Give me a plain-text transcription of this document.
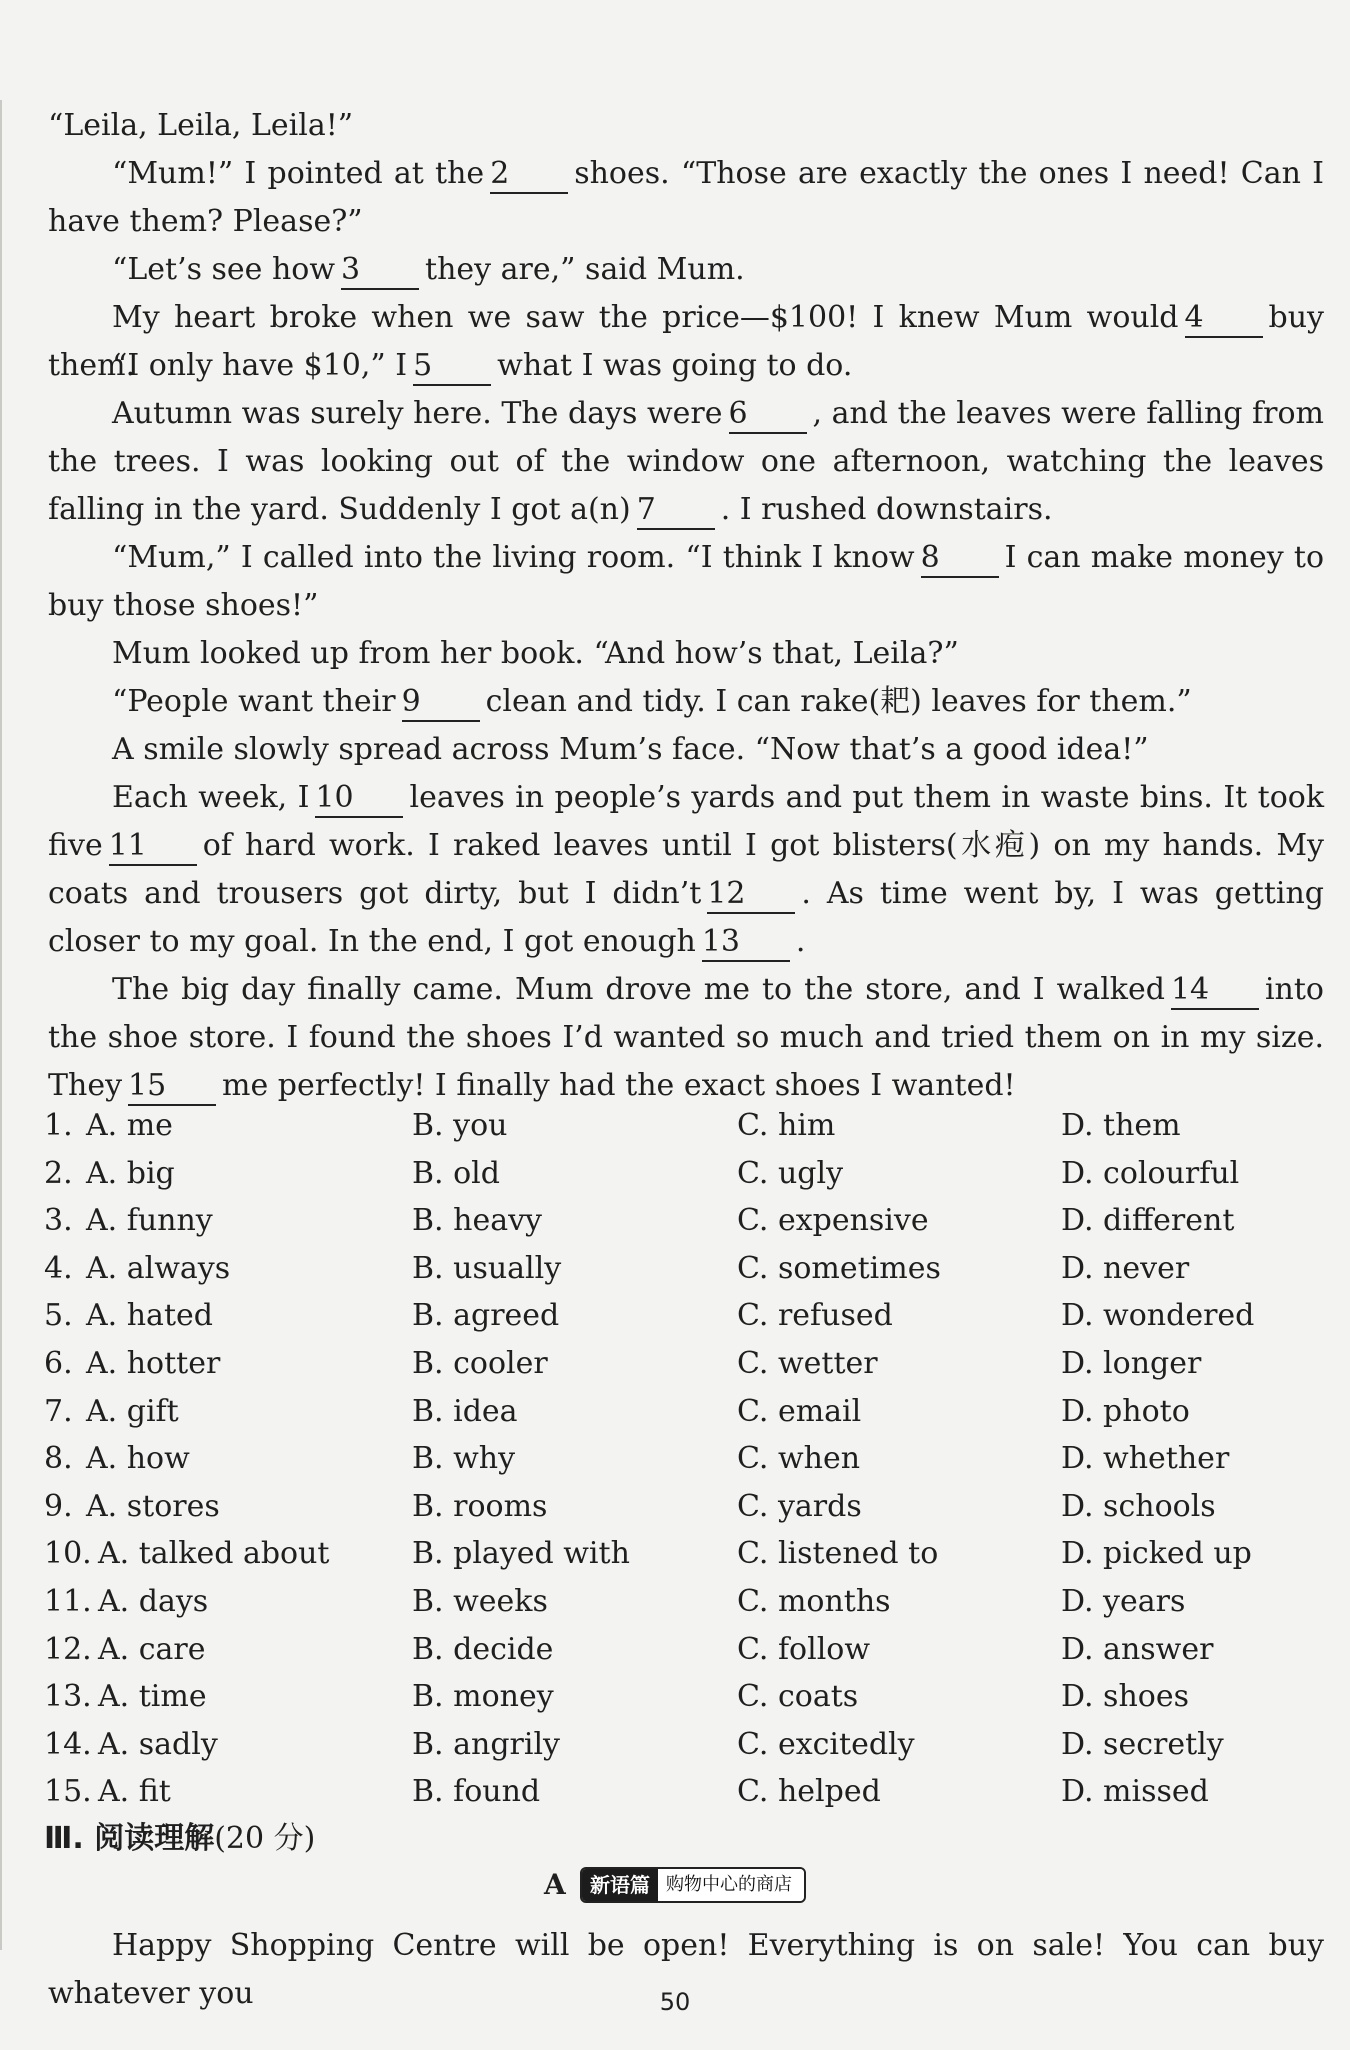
“Leila, Leila, Leila!”

“Mum!” I pointed at the 2 shoes. “Those are exactly the ones I need! Can I have them? Please?”

“Let’s see how 3 they are,” said Mum.

My heart broke when we saw the price—$100! I knew Mum would 4 buy them.

“I only have $10,” I 5 what I was going to do.

Autumn was surely here. The days were 6 , and the leaves were falling from the trees. I was looking out of the window one afternoon, watching the leaves falling in the yard. Suddenly I got a(n) 7 . I rushed downstairs.

“Mum,” I called into the living room. “I think I know 8 I can make money to buy those shoes!”

Mum looked up from her book. “And how’s that, Leila?”

“People want their 9 clean and tidy. I can rake(耙) leaves for them.”

A smile slowly spread across Mum’s face. “Now that’s a good idea!”

Each week, I 10 leaves in people’s yards and put them in waste bins. It took five 11 of hard work. I raked leaves until I got blisters(水疱) on my hands. My coats and trousers got dirty, but I didn’t 12 . As time went by, I was getting closer to my goal. In the end, I got enough 13 .

The big day finally came. Mum drove me to the store, and I walked 14 into the shoe store. I found the shoes I’d wanted so much and tried them on in my size. They 15 me perfectly! I finally had the exact shoes I wanted!

1. A. me	B. you	C. him	D. them
2. A. big	B. old	C. ugly	D. colourful
3. A. funny	B. heavy	C. expensive	D. different
4. A. always	B. usually	C. sometimes	D. never
5. A. hated	B. agreed	C. refused	D. wondered
6. A. hotter	B. cooler	C. wetter	D. longer
7. A. gift	B. idea	C. email	D. photo
8. A. how	B. why	C. when	D. whether
9. A. stores	B. rooms	C. yards	D. schools
10. A. talked about	B. played with	C. listened to	D. picked up
11. A. days	B. weeks	C. months	D. years
12. A. care	B. decide	C. follow	D. answer
13. A. time	B. money	C. coats	D. shoes
14. A. sadly	B. angrily	C. excitedly	D. secretly
15. A. fit	B. found	C. helped	D. missed
Ⅲ. 阅读理解(20 分)
A	新语篇 购物中心的商店

Happy Shopping Centre will be open! Everything is on sale! You can buy whatever you	50
